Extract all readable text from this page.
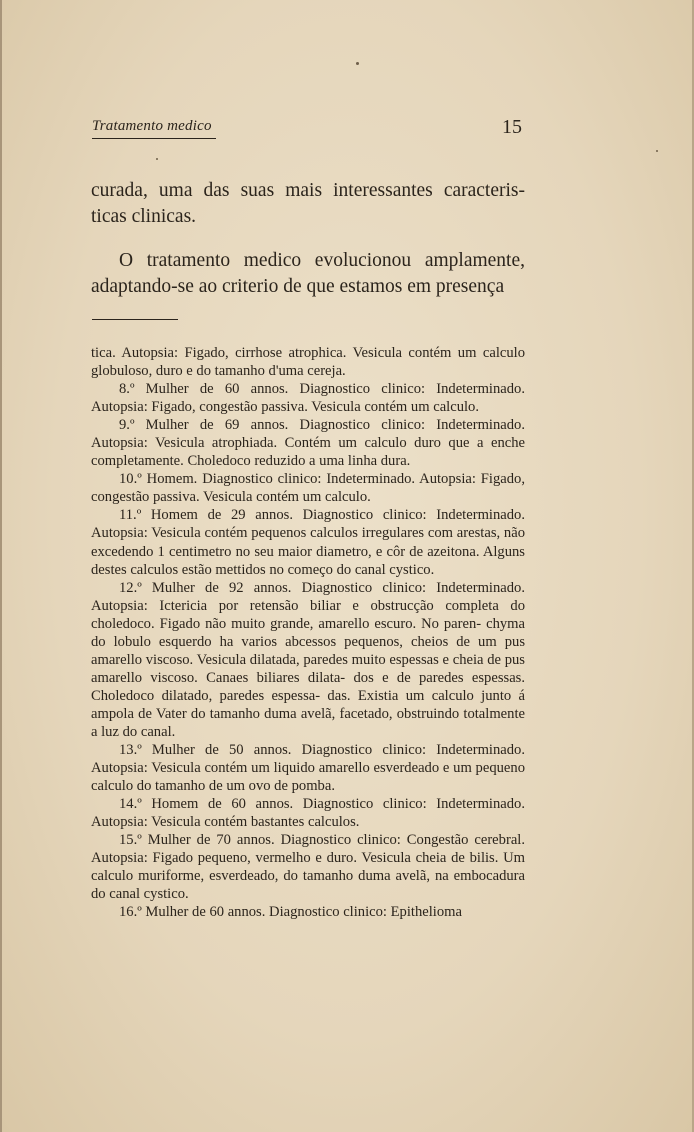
Tratamento medico	15

curada, uma das suas mais interessantes caracteris- ticas clinicas.

O tratamento medico evolucionou amplamente, adaptando-se ao criterio de que estamos em presença

tica. Autopsia: Figado, cirrhose atrophica. Vesicula contém um calculo globuloso, duro e do tamanho d'uma cereja.

8.º Mulher de 60 annos. Diagnostico clinico: Indeterminado. Autopsia: Figado, congestão passiva. Vesicula contém um calculo.

9.º Mulher de 69 annos. Diagnostico clinico: Indeterminado. Autopsia: Vesicula atrophiada. Contém um calculo duro que a enche completamente. Choledoco reduzido a uma linha dura.

10.º Homem. Diagnostico clinico: Indeterminado. Autopsia: Figado, congestão passiva. Vesicula contém um calculo.

11.º Homem de 29 annos. Diagnostico clinico: Indeterminado. Autopsia: Vesicula contém pequenos calculos irregulares com arestas, não excedendo 1 centimetro no seu maior diametro, e côr de azeitona. Alguns destes calculos estão mettidos no começo do canal cystico.

12.º Mulher de 92 annos. Diagnostico clinico: Indeterminado. Autopsia: Ictericia por retensão biliar e obstrucção completa do choledoco. Figado não muito grande, amarello escuro. No paren- chyma do lobulo esquerdo ha varios abcessos pequenos, cheios de um pus amarello viscoso. Vesicula dilatada, paredes muito espessas e cheia de pus amarello viscoso. Canaes biliares dilata- dos e de paredes espessas. Choledoco dilatado, paredes espessa- das. Existia um calculo junto á ampola de Vater do tamanho duma avelã, facetado, obstruindo totalmente a luz do canal.

13.º Mulher de 50 annos. Diagnostico clinico: Indeterminado. Autopsia: Vesicula contém um liquido amarello esverdeado e um pequeno calculo do tamanho de um ovo de pomba.

14.º Homem de 60 annos. Diagnostico clinico: Indeterminado. Autopsia: Vesicula contém bastantes calculos.

15.º Mulher de 70 annos. Diagnostico clinico: Congestão cerebral. Autopsia: Figado pequeno, vermelho e duro. Vesicula cheia de bilis. Um calculo muriforme, esverdeado, do tamanho duma avelã, na embocadura do canal cystico.

16.º Mulher de 60 annos. Diagnostico clinico: Epithelioma
